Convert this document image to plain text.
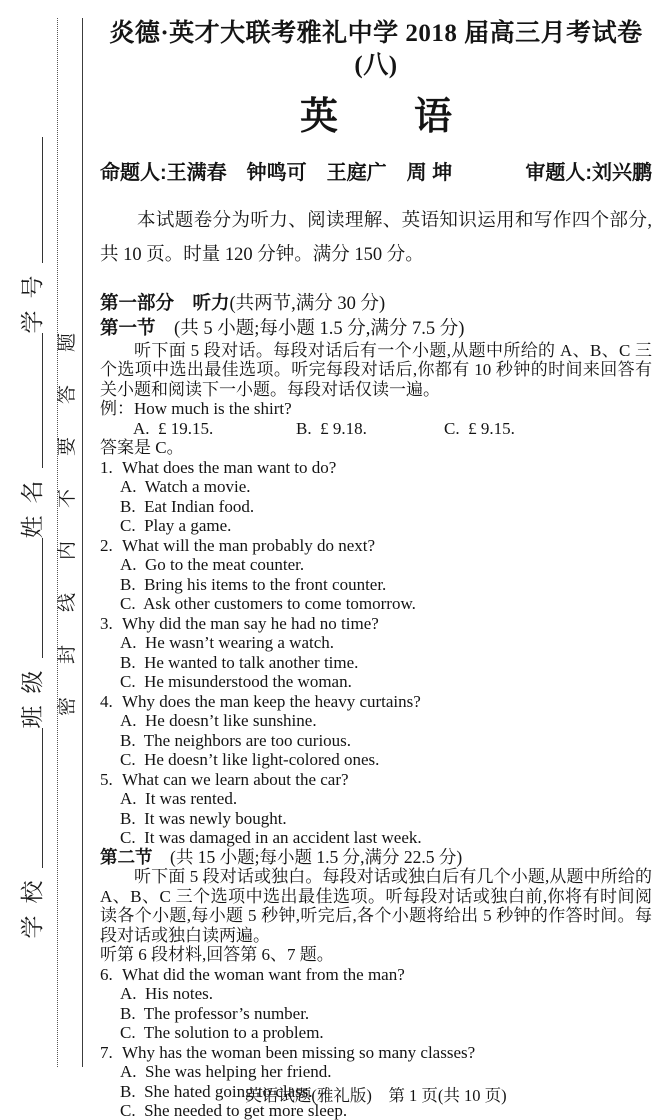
学校
班级
姓名
学号
密封线内不要答题
炎德·英才大联考雅礼中学 2018 届高三月考试卷(八)
英　　语
命题人:王满春　钟鸣可　王庭广　周 坤	审题人:刘兴鹏

本试题卷分为听力、阅读理解、英语知识运用和写作四个部分,共 10 页。时量 120 分钟。满分 150 分。

第一部分　听力(共两节,满分 30 分)
第一节　 (共 5 小题;每小题 1.5 分,满分 7.5 分)

听下面 5 段对话。每段对话后有一个小题,从题中所给的 A、B、C 三个选项中选出最佳选项。听完每段对话后,你都有 10 秒钟的时间来回答有关小题和阅读下一小题。每段对话仅读一遍。

例：How much is the shirt?
A.  £ 19.15.	B.  £ 9.18.	C.  £ 9.15.
答案是 C。
1. What does the man want to do?
A.  Watch a movie.
B.  Eat Indian food.
C.  Play a game.
2. What will the man probably do next?
A.  Go to the meat counter.
B.  Bring his items to the front counter.
C.  Ask other customers to come tomorrow.
3. Why did the man say he had no time?
A.  He wasn’t wearing a watch.
B.  He wanted to talk another time.
C.  He misunderstood the woman.
4. Why does the man keep the heavy curtains?
A.  He doesn’t like sunshine.
B.  The neighbors are too curious.
C.  He doesn’t like light-colored ones.
5. What can we learn about the car?
A.  It was rented.
B.  It was newly bought.
C.  It was damaged in an accident last week.
第二节　 (共 15 小题;每小题 1.5 分,满分 22.5 分)

听下面 5 段对话或独白。每段对话或独白后有几个小题,从题中所给的 A、B、C 三个选项中选出最佳选项。听每段对话或独白前,你将有时间阅读各个小题,每小题 5 秒钟,听完后,各个小题将给出 5 秒钟的作答时间。每段对话或独白读两遍。

听第 6 段材料,回答第 6、7 题。
6. What did the woman want from the man?
A.  His notes.
B.  The professor’s number.
C.  The solution to a problem.
7. Why has the woman been missing so many classes?
A.  She was helping her friend.
B.  She hated going to class.
C.  She needed to get more sleep.
英语试题(雅礼版)　第 1 页(共 10 页)
